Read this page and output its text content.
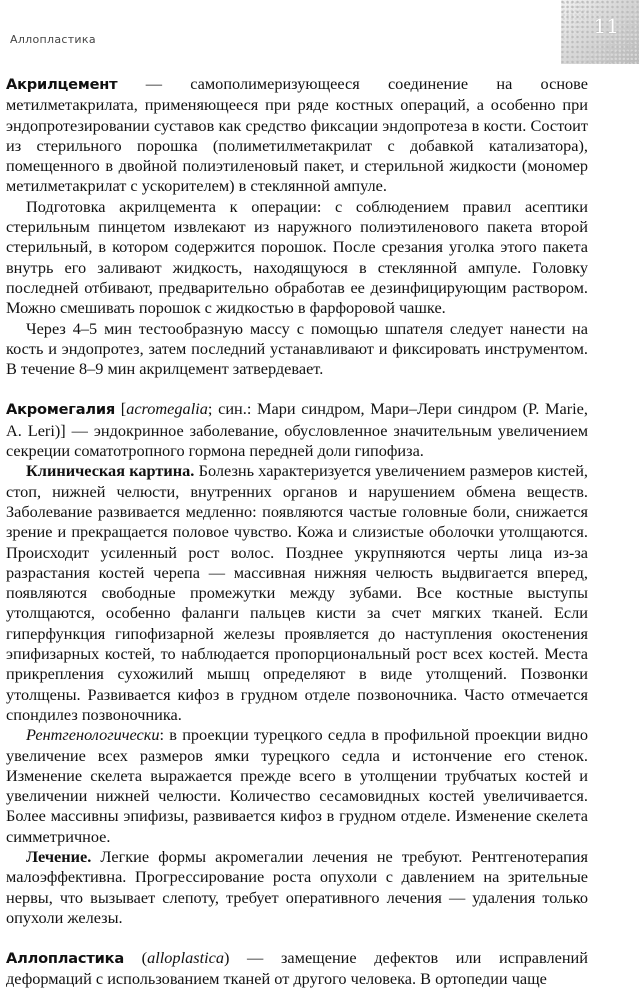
Аллопластика
11

Акрилцемент — самополимеризующееся соединение на основе метилметакрилата, применяющееся при ряде костных операций, а особенно при эндопротезировании суставов как средство фиксации эндопротеза в кости. Состоит из стерильного порошка (полиметилметакрилат с добавкой катализатора), помещенного в двойной полиэтиленовый пакет, и стерильной жидкости (мономер метилметакрилат с ускорителем) в стеклянной ампуле.

Подготовка акрилцемента к операции: с соблюдением правил асептики стерильным пинцетом извлекают из наружного полиэтиленового пакета второй стерильный, в котором содержится порошок. После срезания уголка этого пакета внутрь его заливают жидкость, находящуюся в стеклянной ампуле. Головку последней отбивают, предварительно обработав ее дезинфицирующим раствором. Можно смешивать порошок с жидкостью в фарфоровой чашке.

Через 4–5 мин тестообразную массу с помощью шпателя следует нанести на кость и эндопротез, затем последний устанавливают и фиксировать инструментом. В течение 8–9 мин акрилцемент затвердевает.

Акромегалия [acromegalia; син.: Мари синдром, Мари–Лери синдром (P. Marie, A. Leri)] — эндокринное заболевание, обусловленное значительным увеличением секреции соматотропного гормона передней доли гипофиза.

Клиническая картина. Болезнь характеризуется увеличением размеров кистей, стоп, нижней челюсти, внутренних органов и нарушением обмена веществ. Заболевание развивается медленно: появляются частые головные боли, снижается зрение и прекращается половое чувство. Кожа и слизистые оболочки утолщаются. Происходит усиленный рост волос. Позднее укрупняются черты лица из-за разрастания костей черепа — массивная нижняя челюсть выдвигается вперед, появляются свободные промежутки между зубами. Все костные выступы утолщаются, особенно фаланги пальцев кисти за счет мягких тканей. Если гиперфункция гипофизарной железы проявляется до наступления окостенения эпифизарных костей, то наблюдается пропорциональный рост всех костей. Места прикрепления сухожилий мышц определяют в виде утолщений. Позвонки утолщены. Развивается кифоз в грудном отделе позвоночника. Часто отмечается спондилез позвоночника.

Рентгенологически: в проекции турецкого седла в профильной проекции видно увеличение всех размеров ямки турецкого седла и истончение его стенок. Изменение скелета выражается прежде всего в утолщении трубчатых костей и увеличении нижней челюсти. Количество сесамовидных костей увеличивается. Более массивны эпифизы, развивается кифоз в грудном отделе. Изменение скелета симметричное.

Лечение. Легкие формы акромегалии лечения не требуют. Рентгенотерапия малоэффективна. Прогрессирование роста опухоли с давлением на зрительные нервы, что вызывает слепоту, требует оперативного лечения — удаления только опухоли железы.

Аллопластика (alloplastica) — замещение дефектов или исправлений деформаций с использованием тканей от другого человека. В ортопедии чаще
